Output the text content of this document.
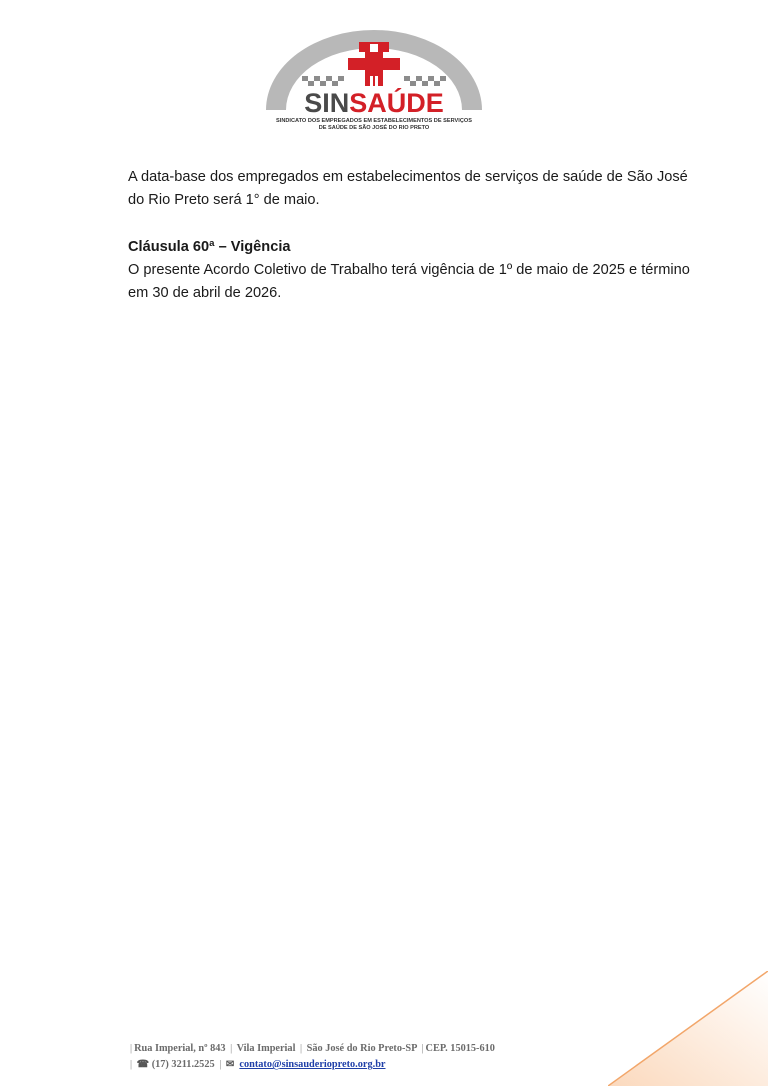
SINSAÚDE
SINDICATO DOS EMPREGADOS EM ESTABELECIMENTOS DE SERVIÇOS
DE SAÚDE DE SÃO JOSÉ DO RIO PRETO
A data-base dos empregados em estabelecimentos de serviços de saúde de São José do Rio Preto será 1° de maio.
Cláusula 60ª – Vigência
O presente Acordo Coletivo de Trabalho terá vigência de 1º de maio de 2025 e término em 30 de abril de 2026.
| Rua Imperial, nº 843 | Vila Imperial | São José do Rio Preto-SP | CEP. 15015-610
| ☎ (17) 3211.2525 | ✉ contato@sinsauderiopreto.org.br
